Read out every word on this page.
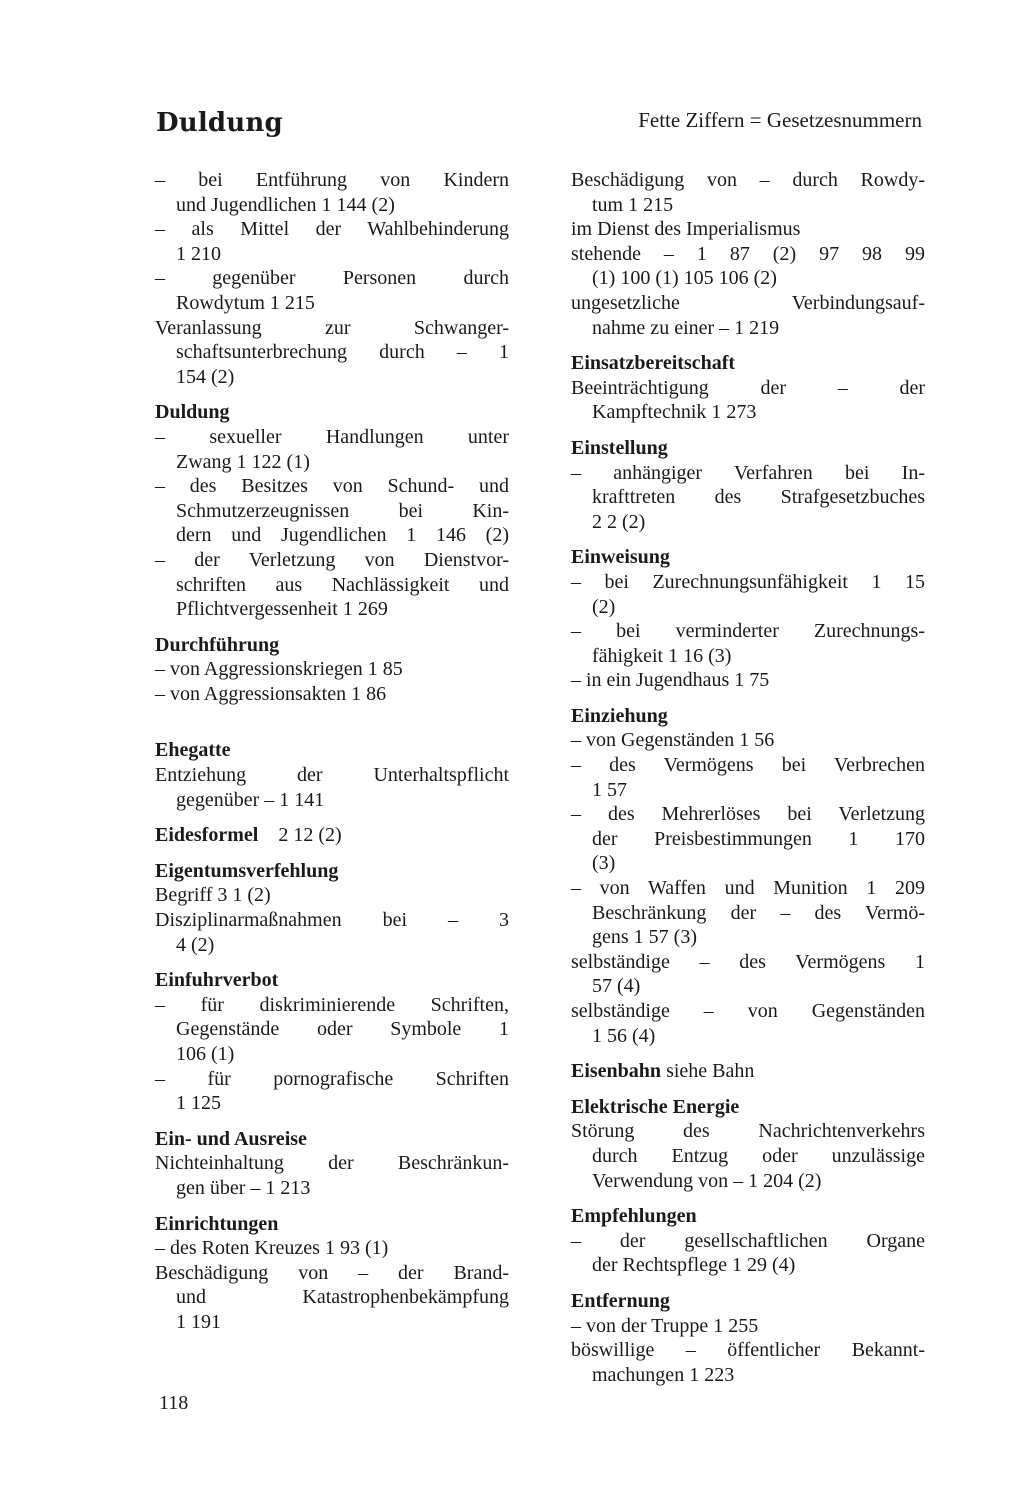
Duldung	Fette Ziffern = Gesetzesnummern
– bei Entführung von Kindern
und Jugendlichen 1 144 (2)
– als Mittel der Wahlbehinderung
1 210
– gegenüber Personen durch
Rowdytum 1 215
Veranlassung zur Schwanger-
schaftsunterbrechung durch – 1
154 (2)
Duldung
– sexueller Handlungen unter
Zwang 1 122 (1)
– des Besitzes von Schund- und
Schmutzerzeugnissen bei Kin-
dern und Jugendlichen 1 146 (2)
– der Verletzung von Dienstvor-
schriften aus Nachlässigkeit und
Pflichtvergessenheit 1 269
Durchführung
– von Aggressionskriegen 1 85
– von Aggressionsakten 1 86
Ehegatte
Entziehung der Unterhaltspflicht
gegenüber – 1 141
Eidesformel  2 12 (2)
Eigentumsverfehlung
Begriff 3 1 (2)
Disziplinarmaßnahmen bei – 3
4 (2)
Einfuhrverbot
– für diskriminierende Schriften,
Gegenstände oder Symbole 1
106 (1)
– für pornografische Schriften
1 125
Ein- und Ausreise
Nichteinhaltung der Beschränkun-
gen über – 1 213
Einrichtungen
– des Roten Kreuzes 1 93 (1)
Beschädigung von – der Brand-
und Katastrophenbekämpfung
1 191
Beschädigung von – durch Rowdy-
tum 1 215
im Dienst des Imperialismus
stehende – 1 87 (2) 97 98 99
(1) 100 (1) 105 106 (2)
ungesetzliche Verbindungsauf-
nahme zu einer – 1 219
Einsatzbereitschaft
Beeinträchtigung der – der
Kampftechnik 1 273
Einstellung
– anhängiger Verfahren bei In-
krafttreten des Strafgesetzbuches
2 2 (2)
Einweisung
– bei Zurechnungsunfähigkeit 1 15
(2)
– bei verminderter Zurechnungs-
fähigkeit 1 16 (3)
– in ein Jugendhaus 1 75
Einziehung
– von Gegenständen 1 56
– des Vermögens bei Verbrechen
1 57
– des Mehrerlöses bei Verletzung
der Preisbestimmungen 1 170
(3)
– von Waffen und Munition 1 209
Beschränkung der – des Vermö-
gens 1 57 (3)
selbständige – des Vermögens 1
57 (4)
selbständige – von Gegenständen
1 56 (4)
Eisenbahn siehe Bahn
Elektrische Energie
Störung des Nachrichtenverkehrs
durch Entzug oder unzulässige
Verwendung von – 1 204 (2)
Empfehlungen
– der gesellschaftlichen Organe
der Rechtspflege 1 29 (4)
Entfernung
– von der Truppe 1 255
böswillige – öffentlicher Bekannt-
machungen 1 223
118
